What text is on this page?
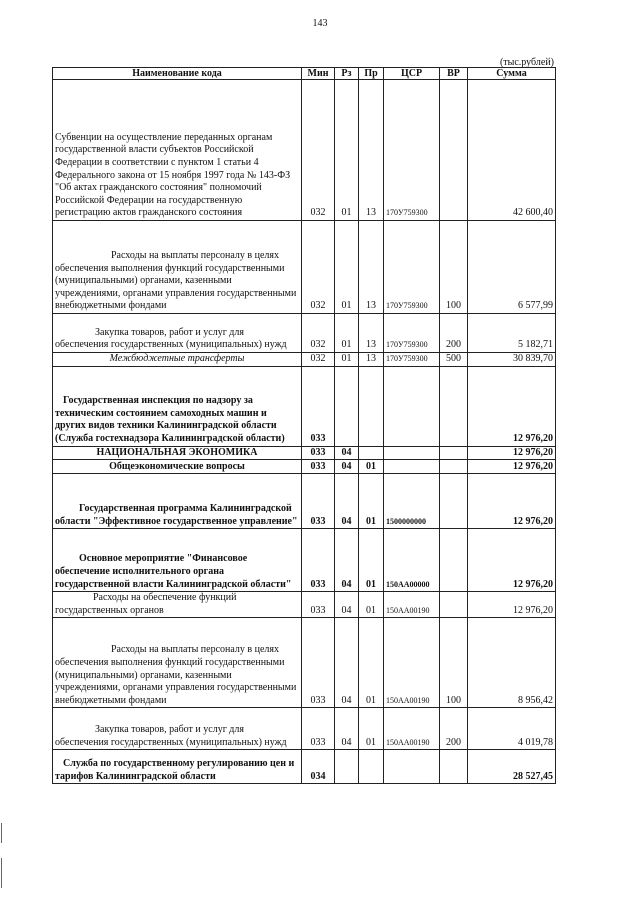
143
(тыс.рублей)
Наименование кода	Мин	Рз	Пр	ЦСР	ВР	Сумма

Субвенции на осуществление переданных органам государственной власти субъектов Российской Федерации в соответствии с пунктом 1 статьи 4 Федерального закона от 15 ноября 1997 года № 143-ФЗ "Об актах гражданского состояния" полномочий Российской Федерации на государственную регистрацию актов гражданского состояния	032	01	13	170У759300		42 600,40
Расходы на выплаты персоналу в целях обеспечения выполнения функций государственными (муниципальными) органами, казенными учреждениями, органами управления государственными внебюджетными фондами	032	01	13	170У759300	100	6 577,99
Закупка товаров, работ и услуг для обеспечения государственных (муниципальных) нужд	032	01	13	170У759300	200	5 182,71
Межбюджетные трансферты	032	01	13	170У759300	500	30 839,70
Государственная инспекция по надзору за техническим состоянием самоходных машин и других видов техники Калининградской области (Служба гостехнадзора Калининградской области)	033					12 976,20
НАЦИОНАЛЬНАЯ ЭКОНОМИКА	033	04				12 976,20
Общеэкономические вопросы	033	04	01			12 976,20
Государственная программа Калининградской области "Эффективное государственное управление"	033	04	01	1500000000		12 976,20
Основное мероприятие "Финансовое обеспечение исполнительного органа государственной власти Калининградской области"	033	04	01	150АА00000		12 976,20
Расходы на обеспечение функций государственных органов	033	04	01	150АА00190		12 976,20
Расходы на выплаты персоналу в целях обеспечения выполнения функций государственными (муниципальными) органами, казенными учреждениями, органами управления государственными внебюджетными фондами	033	04	01	150АА00190	100	8 956,42
Закупка товаров, работ и услуг для обеспечения государственных (муниципальных) нужд	033	04	01	150АА00190	200	4 019,78
Служба по государственному регулированию цен и тарифов Калининградской области	034					28 527,45
